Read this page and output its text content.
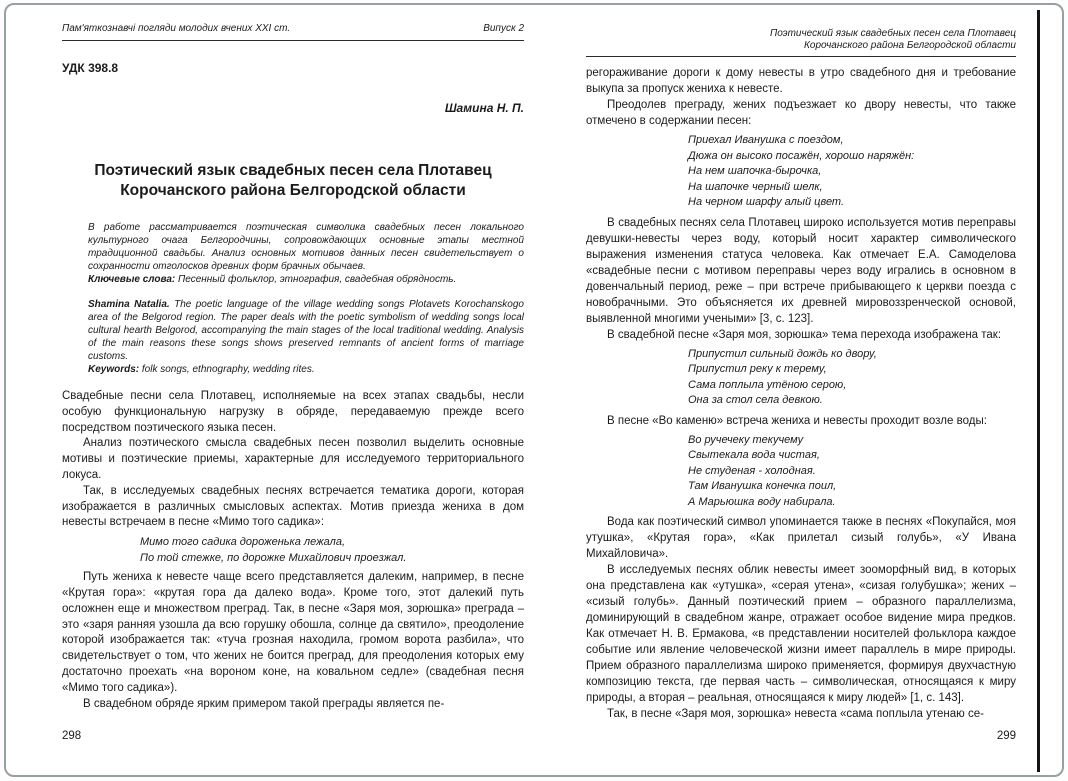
Пам'яткознавчі погляди молодих вчених XXI ст.	Випуск 2
УДК 398.8
Шамина Н. П.
Поэтический язык свадебных песен села Плотавец
Корочанского района Белгородской области

В работе рассматривается поэтическая символика свадебных песен локального культурного очага Белгородчины, сопровождающих основные этапы местной традиционной свадьбы. Анализ основных мотивов данных песен свидетельствует о сохранности отголосков древних форм брачных обычаев.

Ключевые слова: Песенный фольклор, этнография, свадебная обрядность.

Shamina Natalia. The poetic language of the village wedding songs Plotavets Korochanskogo area of the Belgorod region. The paper deals with the poetic symbolism of wedding songs local cultural hearth Belgorod, accompanying the main stages of the local traditional wedding. Analysis of the main reasons these songs shows preserved remnants of ancient forms of marriage customs.

Keywords: folk songs, ethnography, wedding rites.

Свадебные песни села Плотавец, исполняемые на всех этапах свадьбы, несли особую функциональную нагрузку в обряде, передаваемую прежде всего посредством поэтического языка песен.

Анализ поэтического смысла свадебных песен позволил выделить основные мотивы и поэтические приемы, характерные для исследуемого территориального локуса.

Так, в исследуемых свадебных песнях встречается тематика дороги, которая изображается в различных смысловых аспектах. Мотив приезда жениха в дом невесты встречаем в песне «Мимо того садика»:

Мимо того садика дороженька лежала,
По той стежке, по дорожке Михайлович проезжал.

Путь жениха к невесте чаще всего представляется далеким, например, в песне «Крутая гора»: «крутая гора да далеко вода». Кроме того, этот далекий путь осложнен еще и множеством преград. Так, в песне «Заря моя, зорюшка» преграда – это «заря ранняя узошла да всю горушку обошла, солнце да святило», преодоление которой изображается так: «туча грозная находила, громом ворота разбила», что свидетельствует о том, что жених не боится преград, для преодоления которых ему достаточно проехать «на вороном коне, на ковальном седле» (свадебная песня «Мимо того садика»).

В свадебном обряде ярким примером такой преграды является пе-

Поэтический язык свадебных песен села Плотавец
Корочанского района Белгородской области

регораживание дороги к дому невесты в утро свадебного дня и требование выкупа за пропуск жениха к невесте.

Преодолев преграду, жених подъезжает ко двору невесты, что также отмечено в содержании песен:

Приехал Иванушка с поездом,
Дюжа он высоко посажён, хорошо наряжён:
На нем шапочка-бырочка,
На шапочке черный шелк,
На черном шарфу алый цвет.

В свадебных песнях села Плотавец широко используется мотив переправы девушки-невесты через воду, который носит характер символического выражения изменения статуса человека. Как отмечает Е.А. Самоделова «свадебные песни с мотивом переправы через воду игрались в основном в довенчальный период, реже – при встрече прибывающего к церкви поезда с новобрачными. Это объясняется их древней мировоззренческой основой, выявленной многими учеными» [3, с. 123].

В свадебной песне «Заря моя, зорюшка» тема перехода изображена так:

Припустил сильный дождь ко двору,
Припустил реку к терему,
Сама поплыла утёною серою,
Она за стол села девкою.

В песне «Во каменю» встреча жениха и невесты проходит возле воды:

Во ручечеку текучему
Свытекала вода чистая,
Не студеная - холодная.
Там Иванушка конечка поил,
А Марьюшка воду набирала.

Вода как поэтический символ упоминается также в песнях «Покупайся, моя утушка», «Крутая гора», «Как прилетал сизый голубь», «У Ивана Михайловича».

В исследуемых песнях облик невесты имеет зооморфный вид, в которых она представлена как «утушка», «серая утена», «сизая голубушка»; жених – «сизый голубь». Данный поэтический прием – образного параллелизма, доминирующий в свадебном жанре, отражает особое видение мира предков. Как отмечает Н. В. Ермакова, «в представлении носителей фольклора каждое событие или явление человеческой жизни имеет параллель в мире природы. Прием образного параллелизма широко применяется, формируя двухчастную композицию текста, где первая часть – символическая, относящаяся к миру природы, а вторая – реальная, относящаяся к миру людей» [1, с. 143].

Так, в песне «Заря моя, зорюшка» невеста «сама поплыла утенаю се-

298	299
